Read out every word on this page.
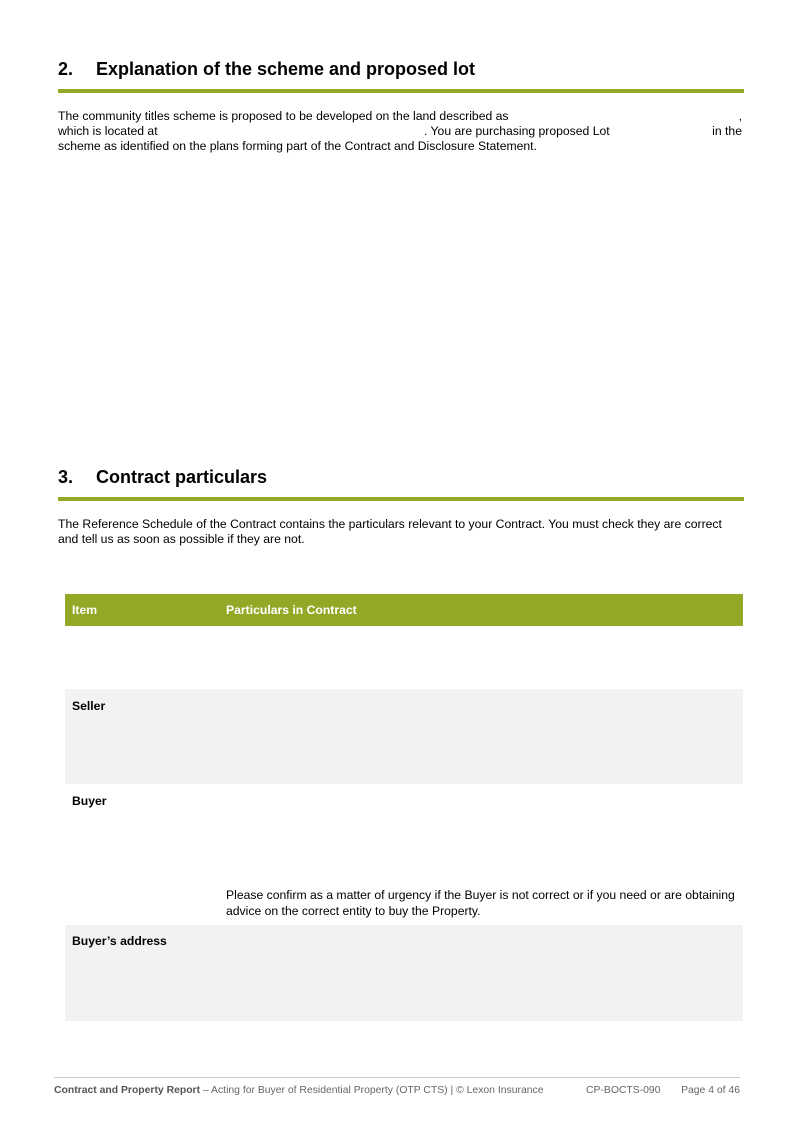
2. Explanation of the scheme and proposed lot
The community titles scheme is proposed to be developed on the land described as	,
which is located at	. You are purchasing proposed Lot	in the
scheme as identified on the plans forming part of the Contract and Disclosure Statement.
3. Contract particulars
The Reference Schedule of the Contract contains the particulars relevant to your Contract. You must check they are correct and tell us as soon as possible if they are not.
Item	Particulars in Contract
Seller
Buyer
Please confirm as a matter of urgency if the Buyer is not correct or if you need or are obtaining advice on the correct entity to buy the Property.
Buyer’s address
Contract and Property Report – Acting for Buyer of Residential Property (OTP CTS) | © Lexon Insurance	CP-BOCTS-090 Page 4 of 46
